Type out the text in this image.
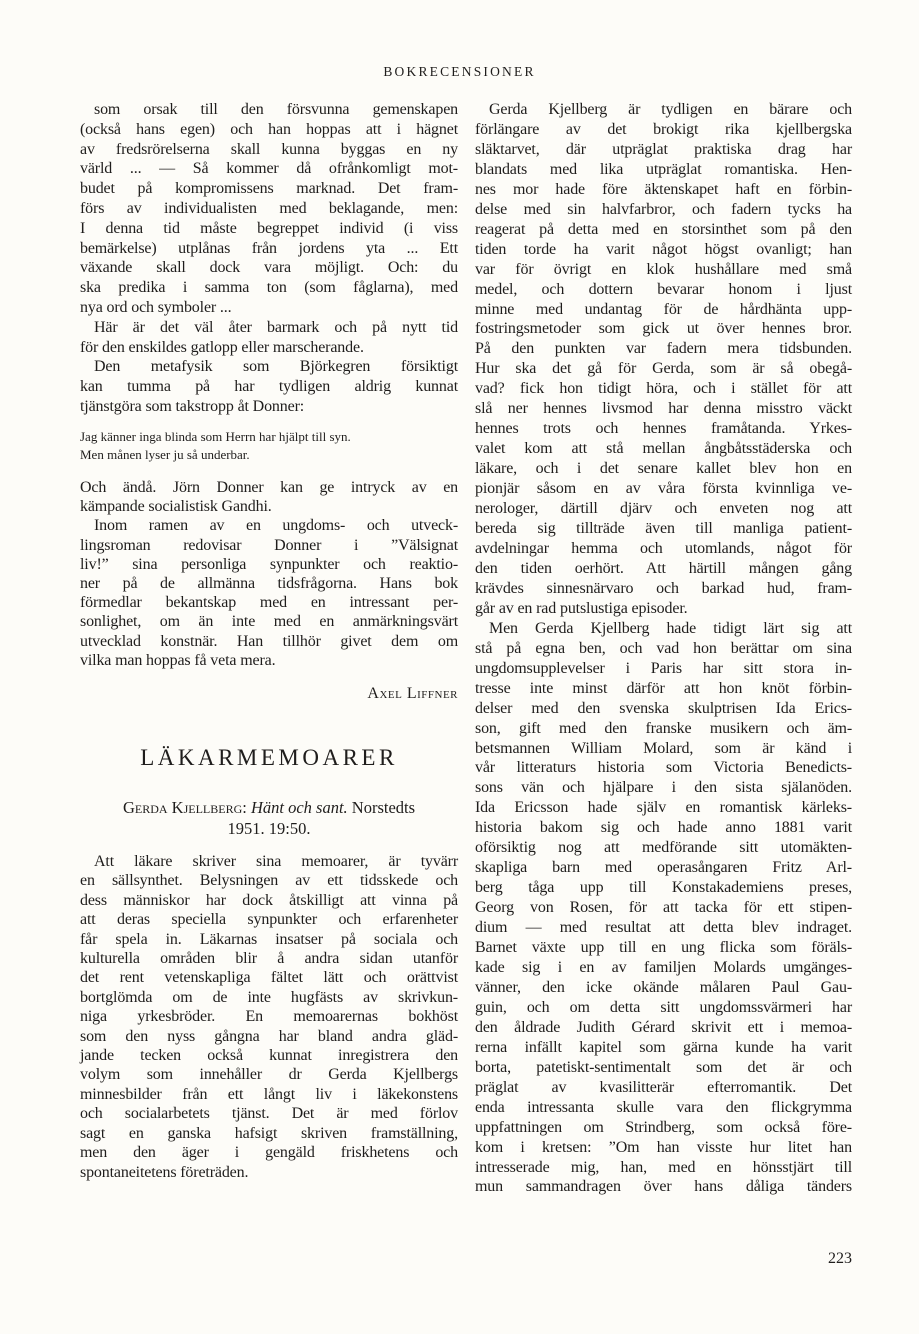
BOKRECENSIONER
som orsak till den försvunna gemenskapen
(också hans egen) och han hoppas att i hägnet
av fredsrörelserna skall kunna byggas en ny
värld ... — Så kommer då ofrånkomligt mot-
budet på kompromissens marknad. Det fram-
förs av individualisten med beklagande, men:
I denna tid måste begreppet individ (i viss
bemärkelse) utplånas från jordens yta ... Ett
växande skall dock vara möjligt. Och: du
ska predika i samma ton (som fåglarna), med
nya ord och symboler ...
Här är det väl åter barmark och på nytt tid
för den enskildes gatlopp eller marscherande.
Den metafysik som Björkegren försiktigt
kan tumma på har tydligen aldrig kunnat
tjänstgöra som takstropp åt Donner:
Jag känner inga blinda som Herrn har hjälpt till syn.
Men månen lyser ju så underbar.
Och ändå. Jörn Donner kan ge intryck av en
kämpande socialistisk Gandhi.
Inom ramen av en ungdoms- och utveck-
lingsroman redovisar Donner i ”Välsignat
liv!” sina personliga synpunkter och reaktio-
ner på de allmänna tidsfrågorna. Hans bok
förmedlar bekantskap med en intressant per-
sonlighet, om än inte med en anmärkningsvärt
utvecklad konstnär. Han tillhör givet dem om
vilka man hoppas få veta mera.
Axel Liffner
LÄKARMEMOARER
Gerda Kjellberg: Hänt och sant. Norstedts
1951. 19:50.
Att läkare skriver sina memoarer, är tyvärr
en sällsynthet. Belysningen av ett tidsskede och
dess människor har dock åtskilligt att vinna på
att deras speciella synpunkter och erfarenheter
får spela in. Läkarnas insatser på sociala och
kulturella områden blir å andra sidan utanför
det rent vetenskapliga fältet lätt och orättvist
bortglömda om de inte hugfästs av skrivkun-
niga yrkesbröder. En memoarernas bokhöst
som den nyss gångna har bland andra gläd-
jande tecken också kunnat inregistrera den
volym som innehåller dr Gerda Kjellbergs
minnesbilder från ett långt liv i läkekonstens
och socialarbetets tjänst. Det är med förlov
sagt en ganska hafsigt skriven framställning,
men den äger i gengäld friskhetens och
spontaneitetens företräden.
Gerda Kjellberg är tydligen en bärare och
förlängare av det brokigt rika kjellbergska
släktarvet, där utpräglat praktiska drag har
blandats med lika utpräglat romantiska. Hen-
nes mor hade före äktenskapet haft en förbin-
delse med sin halvfarbror, och fadern tycks ha
reagerat på detta med en storsinthet som på den
tiden torde ha varit något högst ovanligt; han
var för övrigt en klok hushållare med små
medel, och dottern bevarar honom i ljust
minne med undantag för de hårdhänta upp-
fostringsmetoder som gick ut över hennes bror.
På den punkten var fadern mera tidsbunden.
Hur ska det gå för Gerda, som är så obegå-
vad? fick hon tidigt höra, och i stället för att
slå ner hennes livsmod har denna misstro väckt
hennes trots och hennes framåtanda. Yrkes-
valet kom att stå mellan ångbåtsstäderska och
läkare, och i det senare kallet blev hon en
pionjär såsom en av våra första kvinnliga ve-
nerologer, därtill djärv och enveten nog att
bereda sig tillträde även till manliga patient-
avdelningar hemma och utomlands, något för
den tiden oerhört. Att härtill mången gång
krävdes sinnesnärvaro och barkad hud, fram-
går av en rad putslustiga episoder.
Men Gerda Kjellberg hade tidigt lärt sig att
stå på egna ben, och vad hon berättar om sina
ungdomsupplevelser i Paris har sitt stora in-
tresse inte minst därför att hon knöt förbin-
delser med den svenska skulptrisen Ida Erics-
son, gift med den franske musikern och äm-
betsmannen William Molard, som är känd i
vår litteraturs historia som Victoria Benedicts-
sons vän och hjälpare i den sista själanöden.
Ida Ericsson hade själv en romantisk kärleks-
historia bakom sig och hade anno 1881 varit
oförsiktig nog att medförande sitt utomäkten-
skapliga barn med operasångaren Fritz Arl-
berg tåga upp till Konstakademiens preses,
Georg von Rosen, för att tacka för ett stipen-
dium — med resultat att detta blev indraget.
Barnet växte upp till en ung flicka som föräls-
kade sig i en av familjen Molards umgänges-
vänner, den icke okände målaren Paul Gau-
guin, och om detta sitt ungdomssvärmeri har
den åldrade Judith Gérard skrivit ett i memoa-
rerna infällt kapitel som gärna kunde ha varit
borta, patetiskt-sentimentalt som det är och
präglat av kvasilitterär efterromantik. Det
enda intressanta skulle vara den flickgrymma
uppfattningen om Strindberg, som också före-
kom i kretsen: ”Om han visste hur litet han
intresserade mig, han, med en hönsstjärt till
mun sammandragen över hans dåliga tänders
223
